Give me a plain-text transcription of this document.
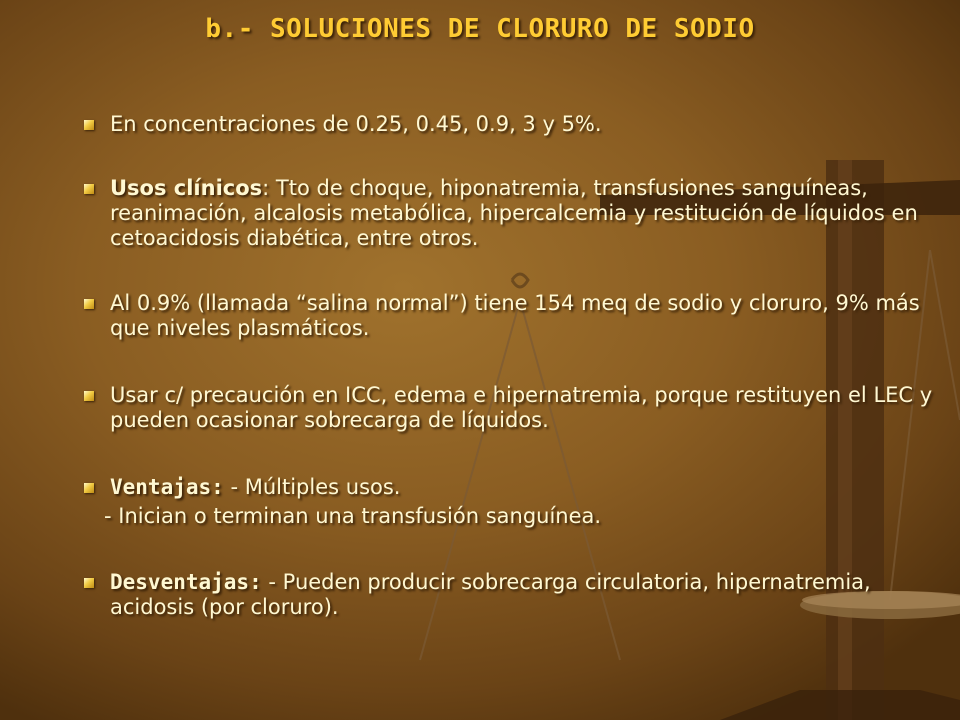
b.- SOLUCIONES DE CLORURO DE SODIO
En concentraciones de 0.25, 0.45, 0.9, 3 y 5%.
Usos clínicos: Tto de choque, hiponatremia, transfusiones sanguíneas, reanimación, alcalosis metabólica, hipercalcemia y restitución de líquidos en cetoacidosis diabética, entre otros.
Al 0.9% (llamada “salina normal”) tiene 154 meq de sodio y cloruro, 9% más que niveles plasmáticos.
Usar c/ precaución en ICC, edema e hipernatremia, porque restituyen el LEC y pueden ocasionar sobrecarga de líquidos.
Ventajas: - Múltiples usos.
- Inician o terminan una transfusión sanguínea.
Desventajas: - Pueden producir sobrecarga circulatoria, hipernatremia, acidosis (por cloruro).
